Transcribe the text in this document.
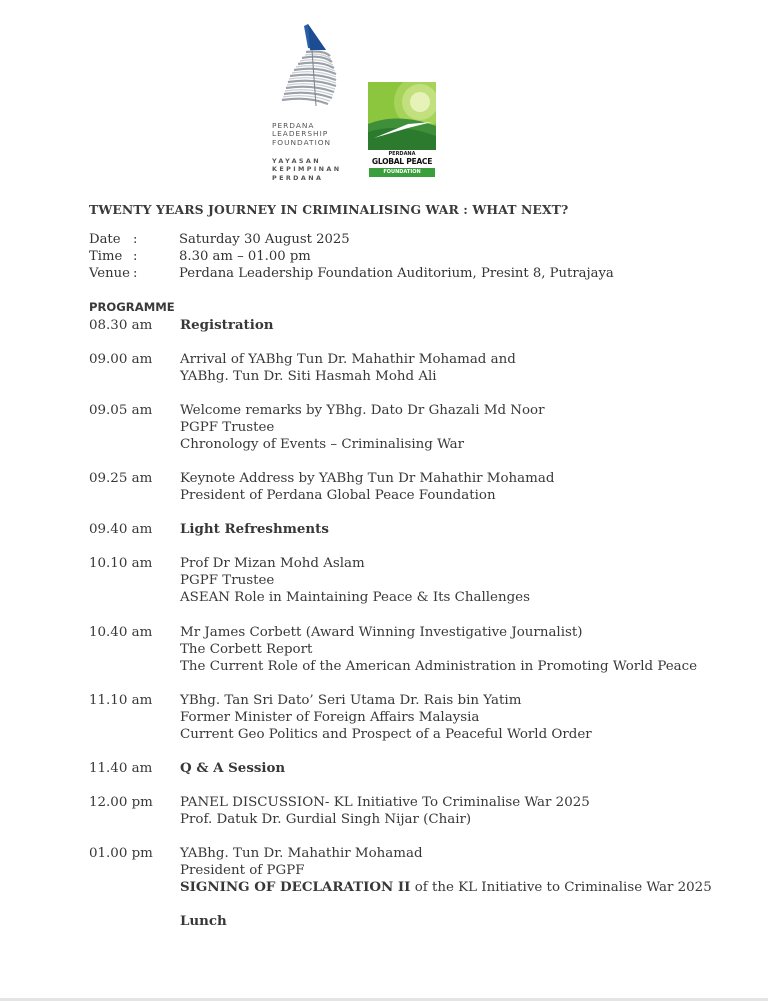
PERDANA
LEADERSHIP
FOUNDATION
YAYASAN
KEPIMPINAN
PERDANA
PERDANA
GLOBAL PEACE
FOUNDATION
TWENTY YEARS JOURNEY IN CRIMINALISING WAR : WHAT NEXT?
Date :	Saturday 30 August 2025
Time :	8.30 am – 01.00 pm
Venue :	Perdana Leadership Foundation Auditorium, Presint 8, Putrajaya
PROGRAMME
08.30 am Registration
09.00 am Arrival of YABhg Tun Dr. Mahathir Mohamad and
YABhg. Tun Dr. Siti Hasmah Mohd Ali
09.05 am Welcome remarks by YBhg. Dato Dr Ghazali Md Noor
PGPF Trustee
Chronology of Events – Criminalising War
09.25 am Keynote Address by YABhg Tun Dr Mahathir Mohamad
President of Perdana Global Peace Foundation
09.40 am Light Refreshments
10.10 am Prof Dr Mizan Mohd Aslam
PGPF Trustee
ASEAN Role in Maintaining Peace & Its Challenges
10.40 am Mr James Corbett (Award Winning Investigative Journalist)
The Corbett Report
The Current Role of the American Administration in Promoting World Peace
11.10 am YBhg. Tan Sri Dato’ Seri Utama Dr. Rais bin Yatim
Former Minister of Foreign Affairs Malaysia
Current Geo Politics and Prospect of a Peaceful World Order
11.40 am Q & A Session
12.00 pm PANEL DISCUSSION- KL Initiative To Criminalise War 2025
Prof. Datuk Dr. Gurdial Singh Nijar (Chair)
01.00 pm YABhg. Tun Dr. Mahathir Mohamad
President of PGPF
SIGNING OF DECLARATION II of the KL Initiative to Criminalise War 2025

Lunch
